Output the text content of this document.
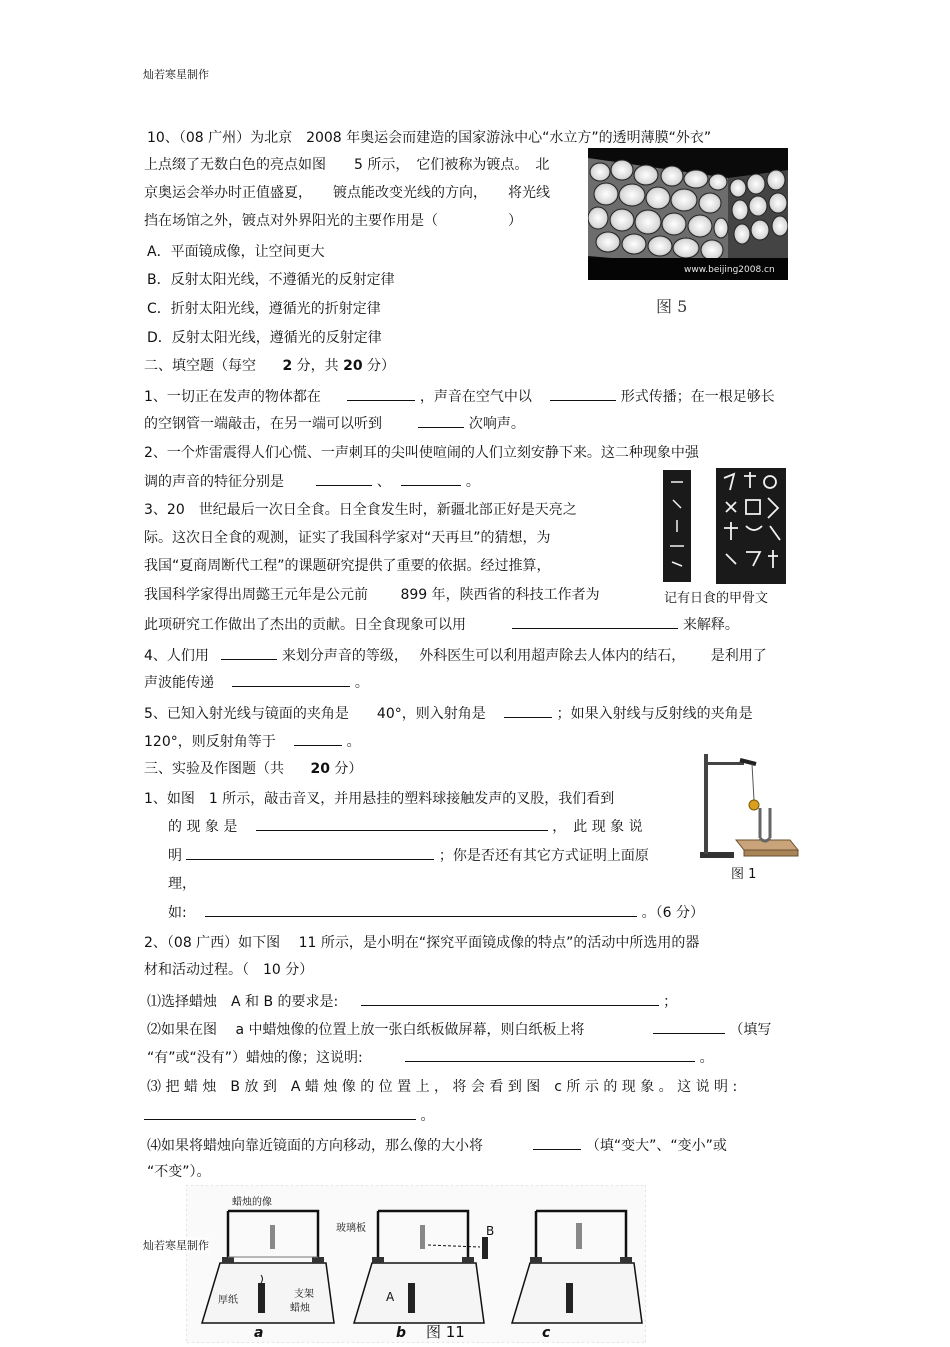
灿若寒星制作
10、（08 广州）为北京　2008 年奥运会而建造的国家游泳中心“水立方”的透明薄膜“外衣”
上点缀了无数白色的亮点如图　　5 所示，　它们被称为镀点。　北
京奥运会举办时正值盛夏，　　镀点能改变光线的方向，　　将光线
挡在场馆之外，镀点对外界阳光的主要作用是（　　　　　）
A．平面镜成像，让空间更大
B．反射太阳光线，不遵循光的反射定律
C．折射太阳光线，遵循光的折射定律
D．反射太阳光线，遵循光的反射定律
www.beijing2008.cn
图 5
二、填空题（每空 2 分，共 20 分）
1、一切正在发声的物体都在	，声音在空气中以	形式传播；在一根足够长
的空钢管一端敲击，在另一端可以听到	次响声。
2、一个炸雷震得人们心慌、一声刺耳的尖叫使喧闹的人们立刻安静下来。这二种现象中强
调的声音的特征分别是	、	。
记有日食的甲骨文
3、20　世纪最后一次日全食。日全食发生时，新疆北部正好是天亮之
际。这次日全食的观测，证实了我国科学家对“天再旦”的猜想，为
我国“夏商周断代工程”的课题研究提供了重要的依据。经过推算，
我国科学家得出周懿王元年是公元前　　 899 年，陕西省的科技工作者为
此项研究工作做出了杰出的贡献。日全食现象可以用	来解释。
4、人们用	来划分声音的等级，　 外科医生可以利用超声除去人体内的结石，　　 是利用了
声波能传递	。
5、已知入射光线与镜面的夹角是　　40°，则入射角是	；如果入射线与反射线的夹角是
120°，则反射角等于	。
三、实验及作图题（共 20 分）
1、如图　1 所示，敲击音叉，并用悬挂的塑料球接触发声的叉股，我们看到
的 现 象 是	，　此 现 象 说
明	；你是否还有其它方式证明上面原
理，
如:	。（6 分）
图 1
2、（08 广西）如下图　 11 所示，是小明在“探究平面镜成像的特点”的活动中所选用的器
材和活动过程。（　10 分）
⑴选择蜡烛　A 和 B 的要求是:	；
⑵如果在图　 a 中蜡烛像的位置上放一张白纸板做屏幕，则白纸板上将	（填写
“有”或“没有”）蜡烛的像；这说明:	。
⑶ 把 蜡 烛　B 放 到　A 蜡 烛 像 的 位 置 上 ， 将 会 看 到 图　c 所 示 的 现 象 。 这 说 明 :
。
⑷如果将蜡烛向靠近镜面的方向移动，那么像的大小将	（填“变大”、“变小”或
“不变”）。
蜡烛的像
玻璃板
支架
蜡烛
厚纸
a
A
B
b	c
图 11
灿若寒星制作
